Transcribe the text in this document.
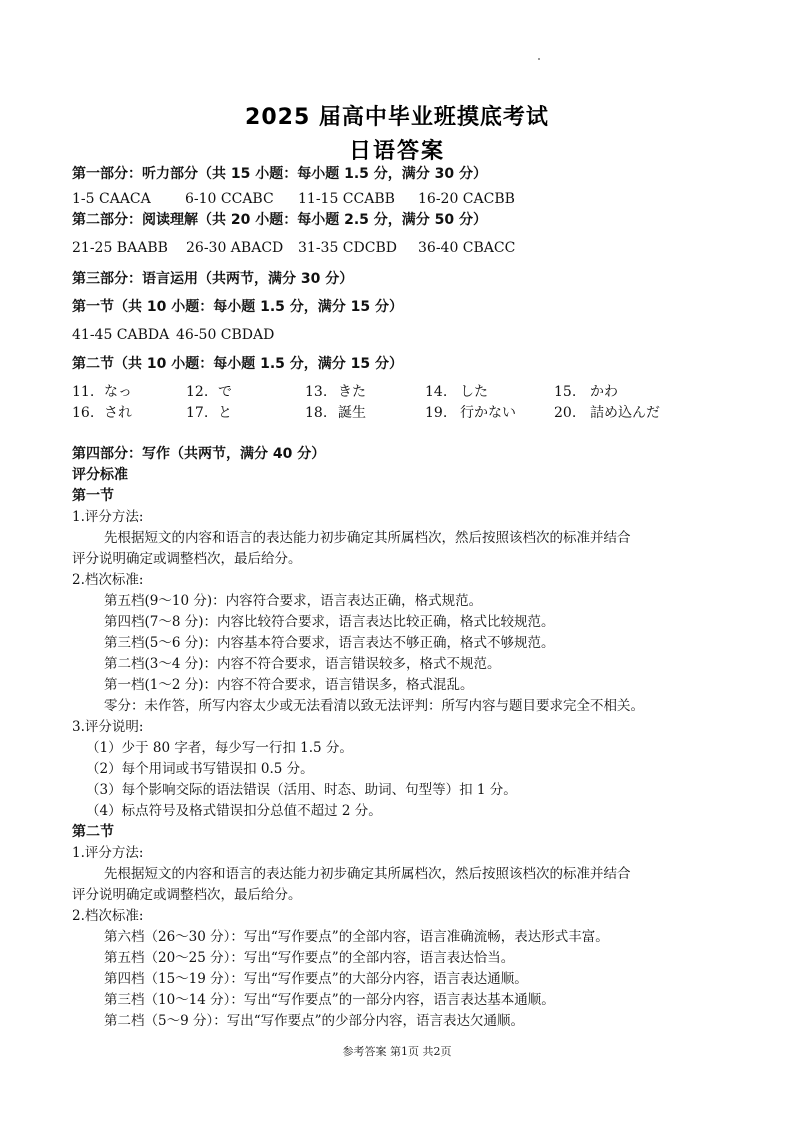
2025 届高中毕业班摸底考试
日语答案
第一部分：听力部分（共 15 小题：每小题 1.5 分，满分 30 分）
1-5 CAACA 6-10 CCABC 11-15 CCABB 16-20 CACBB
第二部分：阅读理解（共 20 小题：每小题 2.5 分，满分 50 分）
21-25 BAABB 26-30 ABACD 31-35 CDCBD 36-40 CBACC
第三部分：语言运用（共两节，满分 30 分）
第一节（共 10 小题：每小题 1.5 分，满分 15 分）
41-45 CABDA 46-50 CBDAD
第二节（共 10 小题：每小题 1.5 分，满分 15 分）
11. なっ	12. で	13. きた	14. した	15. かわ
16. され	17. と	18. 誕生	19. 行かない	20. 詰め込んだ
第四部分：写作（共两节，满分 40 分）
评分标准
第一节
1.评分方法:
先根据短文的内容和语言的表达能力初步确定其所属档次，然后按照该档次的标准并结合
评分说明确定或调整档次，最后给分。
2.档次标准:
第五档(9～10 分)：内容符合要求，语言表达正确，格式规范。
第四档(7～8 分)：内容比较符合要求，语言表达比较正确，格式比较规范。
第三档(5～6 分)：内容基本符合要求，语言表达不够正确，格式不够规范。
第二档(3～4 分)：内容不符合要求，语言错误较多，格式不规范。
第一档(1～2 分)：内容不符合要求，语言错误多，格式混乱。
零分：未作答，所写内容太少或无法看清以致无法评判：所写内容与题目要求完全不相关。
3.评分说明:
（1）少于 80 字者，每少写一行扣 1.5 分。
（2）每个用词或书写错误扣 0.5 分。
（3）每个影响交际的语法错误（活用、时态、助词、句型等）扣 1 分。
（4）标点符号及格式错误扣分总值不超过 2 分。
第二节
1.评分方法:
先根据短文的内容和语言的表达能力初步确定其所属档次，然后按照该档次的标准并结合
评分说明确定或调整档次，最后给分。
2.档次标准:
第六档（26～30 分）：写出“写作要点”的全部内容，语言准确流畅，表达形式丰富。
第五档（20～25 分）：写出“写作要点”的全部内容，语言表达恰当。
第四档（15～19 分）：写出“写作要点”的大部分内容，语言表达通顺。
第三档（10～14 分）：写出“写作要点”的一部分内容，语言表达基本通顺。
第二档（5～9 分）：写出“写作要点”的少部分内容，语言表达欠通顺。
参考答案 第1页 共2页
